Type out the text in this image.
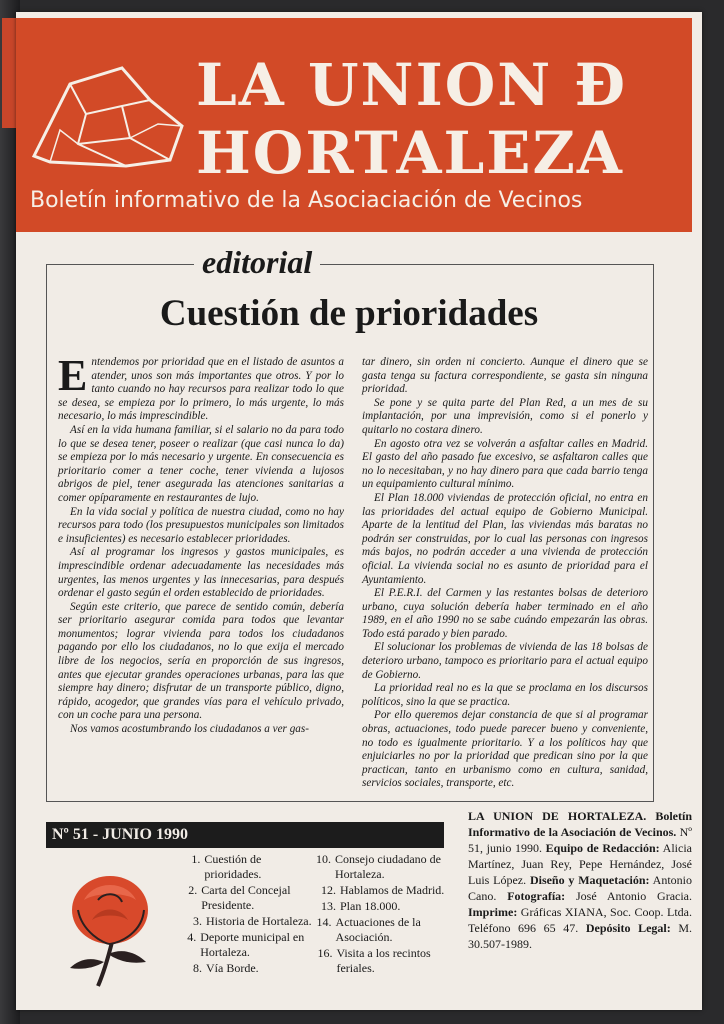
LA UNION Ɖ
HORTALEZA
Boletín informativo de la Asociaciación de Vecinos
editorial
Cuestión de prioridades

Entendemos por prioridad que en el listado de asuntos a atender, unos son más importantes que otros. Y por lo tanto cuando no hay recursos para realizar todo lo que se desea, se empieza por lo primero, lo más urgente, lo más necesario, lo más imprescindible.

Así en la vida humana familiar, si el salario no da para todo lo que se desea tener, poseer o realizar (que casi nunca lo da) se empieza por lo más necesario y urgente. En consecuencia es prioritario comer a tener coche, tener vivienda a lujosos abrigos de piel, tener asegurada las atenciones sanitarias a comer opíparamente en restaurantes de lujo.

En la vida social y política de nuestra ciudad, como no hay recursos para todo (los presupuestos municipales son limitados e insuficientes) es necesario establecer prioridades.

Así al programar los ingresos y gastos municipales, es imprescindible ordenar adecuadamente las necesidades más urgentes, las menos urgentes y las innecesarias, para después ordenar el gasto según el orden establecido de prioridades.

Según este criterio, que parece de sentido común, debería ser prioritario asegurar comida para todos que levantar monumentos; lograr vivienda para todos los ciudadanos pagando por ello los ciudadanos, no lo que exija el mercado libre de los negocios, sería en proporción de sus ingresos, antes que ejecutar grandes operaciones urbanas, para las que siempre hay dinero; disfrutar de un transporte público, digno, rápido, acogedor, que grandes vías para el vehículo privado, con un coche para una persona.

Nos vamos acostumbrando los ciudadanos a ver gas-

tar dinero, sin orden ni concierto. Aunque el dinero que se gasta tenga su factura correspondiente, se gasta sin ninguna prioridad.

Se pone y se quita parte del Plan Red, a un mes de su implantación, por una imprevisión, como si el ponerlo y quitarlo no costara dinero.

En agosto otra vez se volverán a asfaltar calles en Madrid. El gasto del año pasado fue excesivo, se asfaltaron calles que no lo necesitaban, y no hay dinero para que cada barrio tenga un equipamiento cultural mínimo.

El Plan 18.000 viviendas de protección oficial, no entra en las prioridades del actual equipo de Gobierno Municipal. Aparte de la lentitud del Plan, las viviendas más baratas no podrán ser construidas, por lo cual las personas con ingresos más bajos, no podrán acceder a una vivienda de protección oficial. La vivienda social no es asunto de prioridad para el Ayuntamiento.

El P.E.R.I. del Carmen y las restantes bolsas de deterioro urbano, cuya solución debería haber terminado en el año 1989, en el año 1990 no se sabe cuándo empezarán las obras. Todo está parado y bien parado.

El solucionar los problemas de vivienda de las 18 bolsas de deterioro urbano, tampoco es prioritario para el actual equipo de Gobierno.

La prioridad real no es la que se proclama en los discursos políticos, sino la que se practica.

Por ello queremos dejar constancia de que si al programar obras, actuaciones, todo puede parecer bueno y conveniente, no todo es igualmente prioritario. Y a los políticos hay que enjuiciarles no por la prioridad que predican sino por la que practican, tanto en urbanismo como en cultura, sanidad, servicios sociales, transporte, etc.

Nº 51 - JUNIO 1990
1. Cuestión de prioridades.
2. Carta del Concejal Presidente.
3. Historia de Hortaleza.
4. Deporte municipal en Hortaleza.
8. Vía Borde.
10. Consejo ciudadano de Hortaleza.
12. Hablamos de Madrid.
13. Plan 18.000.
14. Actuaciones de la Asociación.
16. Visita a los recintos feriales.
LA UNION DE HORTALEZA. Boletín Informativo de la Asociación de Vecinos. Nº 51, junio 1990. Equipo de Redacción: Alicia Martínez, Juan Rey, Pepe Hernández, José Luis López. Diseño y Maquetación: Antonio Cano. Fotografía: José Antonio Gracia. Imprime: Gráficas XIANA, Soc. Coop. Ltda. Teléfono 696 65 47. Depósito Legal: M. 30.507-1989.
